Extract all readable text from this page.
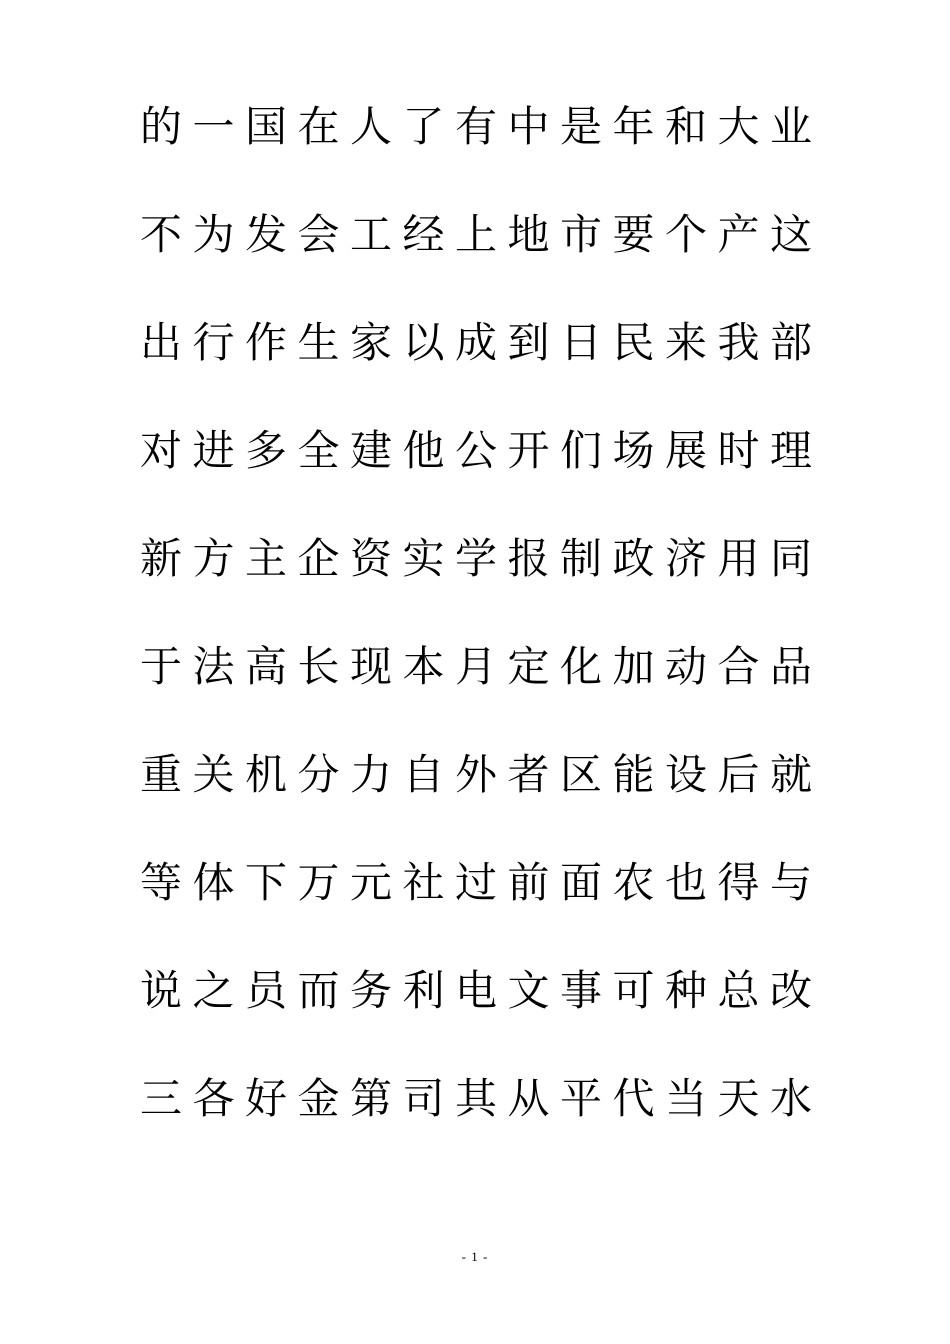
的一国在人了有中是年和大业
不为发会工经上地市要个产这
出行作生家以成到日民来我部
对进多全建他公开们场展时理
新方主企资实学报制政济用同
于法高长现本月定化加动合品
重关机分力自外者区能设后就
等体下万元社过前面农也得与
说之员而务利电文事可种总改
三各好金第司其从平代当天水
- 1 -
